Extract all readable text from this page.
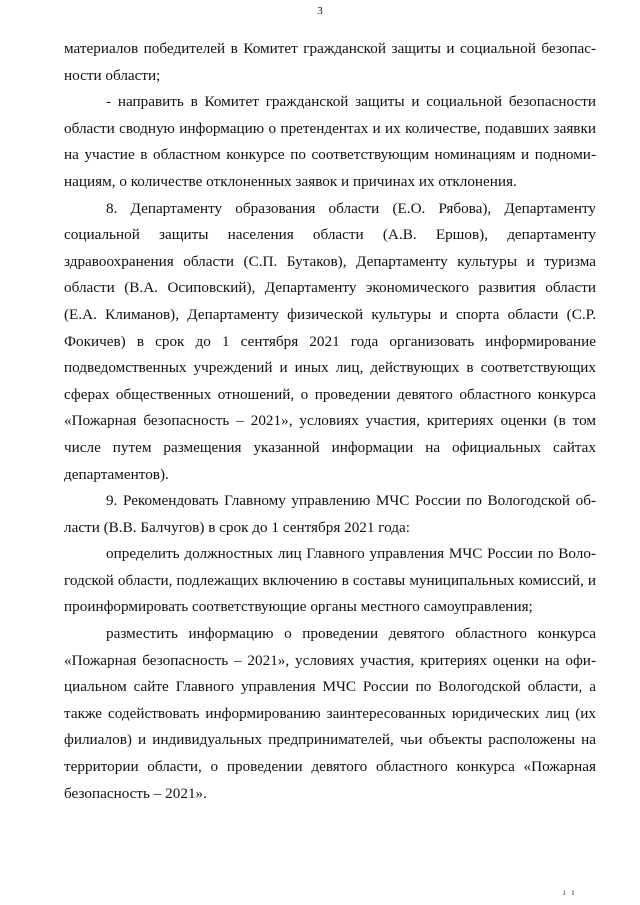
3

материалов победителей в Комитет гражданской защиты и социальной безопасности области;

- направить в Комитет гражданской защиты и социальной безопасности области сводную информацию о претендентах и их количестве, подавших заявки на участие в областном конкурсе по соответствующим номинациям и подноминациям, о количестве отклоненных заявок и причинах их отклонения.

8. Департаменту образования области (Е.О. Рябова), Департаменту социальной защиты населения области (А.В. Ершов), департаменту здравоохранения области (С.П. Бутаков), Департаменту культуры и туризма области (В.А. Осиповский), Департаменту экономического развития области (Е.А. Климанов), Департаменту физической культуры и спорта области (С.Р. Фокичев) в срок до 1 сентября 2021 года организовать информирование подведомственных учреждений и иных лиц, действующих в соответствующих сферах общественных отношений, о проведении девятого областного конкурса «Пожарная безопасность – 2021», условиях участия, критериях оценки (в том числе путем размещения указанной информации на официальных сайтах департаментов).

9. Рекомендовать Главному управлению МЧС России по Вологодской области (В.В. Балчугов) в срок до 1 сентября 2021 года:

определить должностных лиц Главного управления МЧС России по Вологодской области, подлежащих включению в составы муниципальных комиссий, и проинформировать соответствующие органы местного самоуправления;

разместить информацию о проведении девятого областного конкурса «Пожарная безопасность – 2021», условиях участия, критериях оценки на официальном сайте Главного управления МЧС России по Вологодской области, а также содействовать информированию заинтересованных юридических лиц (их филиалов) и индивидуальных предпринимателей, чьи объекты расположены на территории области, о проведении девятого областного конкурса «Пожарная безопасность – 2021».

ı ı
